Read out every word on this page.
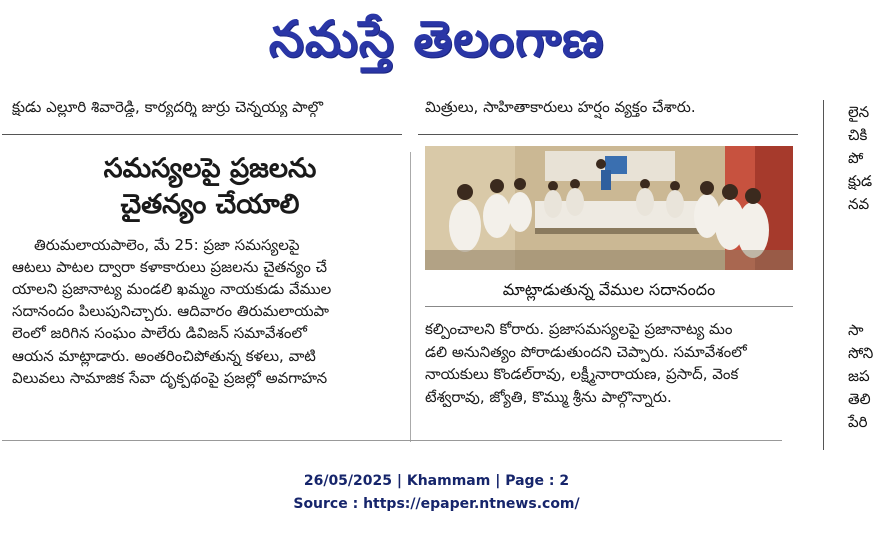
నమస్తే తెలంగాణ
క్షుడు ఎల్లూరి శివారెడ్డి, కార్యదర్శి జుర్రు చెన్నయ్య పాల్గొ	మిత్రులు, సాహితాకారులు హర్షం వ్యక్తం చేశారు.
సమస్యలపై ప్రజలను
చైతన్యం చేయాలి
మాట్లాడుతున్న వేముల సదానందం
తిరుమలాయపాలెం, మే 25: ప్రజా సమస్యలపై
ఆటలు పాటల ద్వారా కళాకారులు ప్రజలను చైతన్యం చే
యాలని ప్రజానాట్య మండలి ఖమ్మం నాయకుడు వేముల
సదానందం పిలుపునిచ్చారు. ఆదివారం తిరుమలాయపా
లెంలో జరిగిన సంఘం పాలేరు డివిజన్ సమావేశంలో
ఆయన మాట్లాడారు. అంతరించిపోతున్న కళలు, వాటి
విలువలు సామాజిక సేవా దృక్పథంపై ప్రజల్లో అవగాహన
కల్పించాలని కోరారు. ప్రజాసమస్యలపై ప్రజానాట్య మం
డలి అనునిత్యం పోరాడుతుందని చెప్పారు. సమావేశంలో
నాయకులు కొండల్‌రావు, లక్ష్మీనారాయణ, ప్రసాద్, వెంక
టేశ్వరావు, జ్యోతి, కొమ్ము శ్రీను పాల్గొన్నారు.
లైన
చికి
పో
క్షుడ
నవ
సా
సోని
జప
తెలి
పేరి
26/05/2025 | Khammam | Page : 2
Source : https://epaper.ntnews.com/
